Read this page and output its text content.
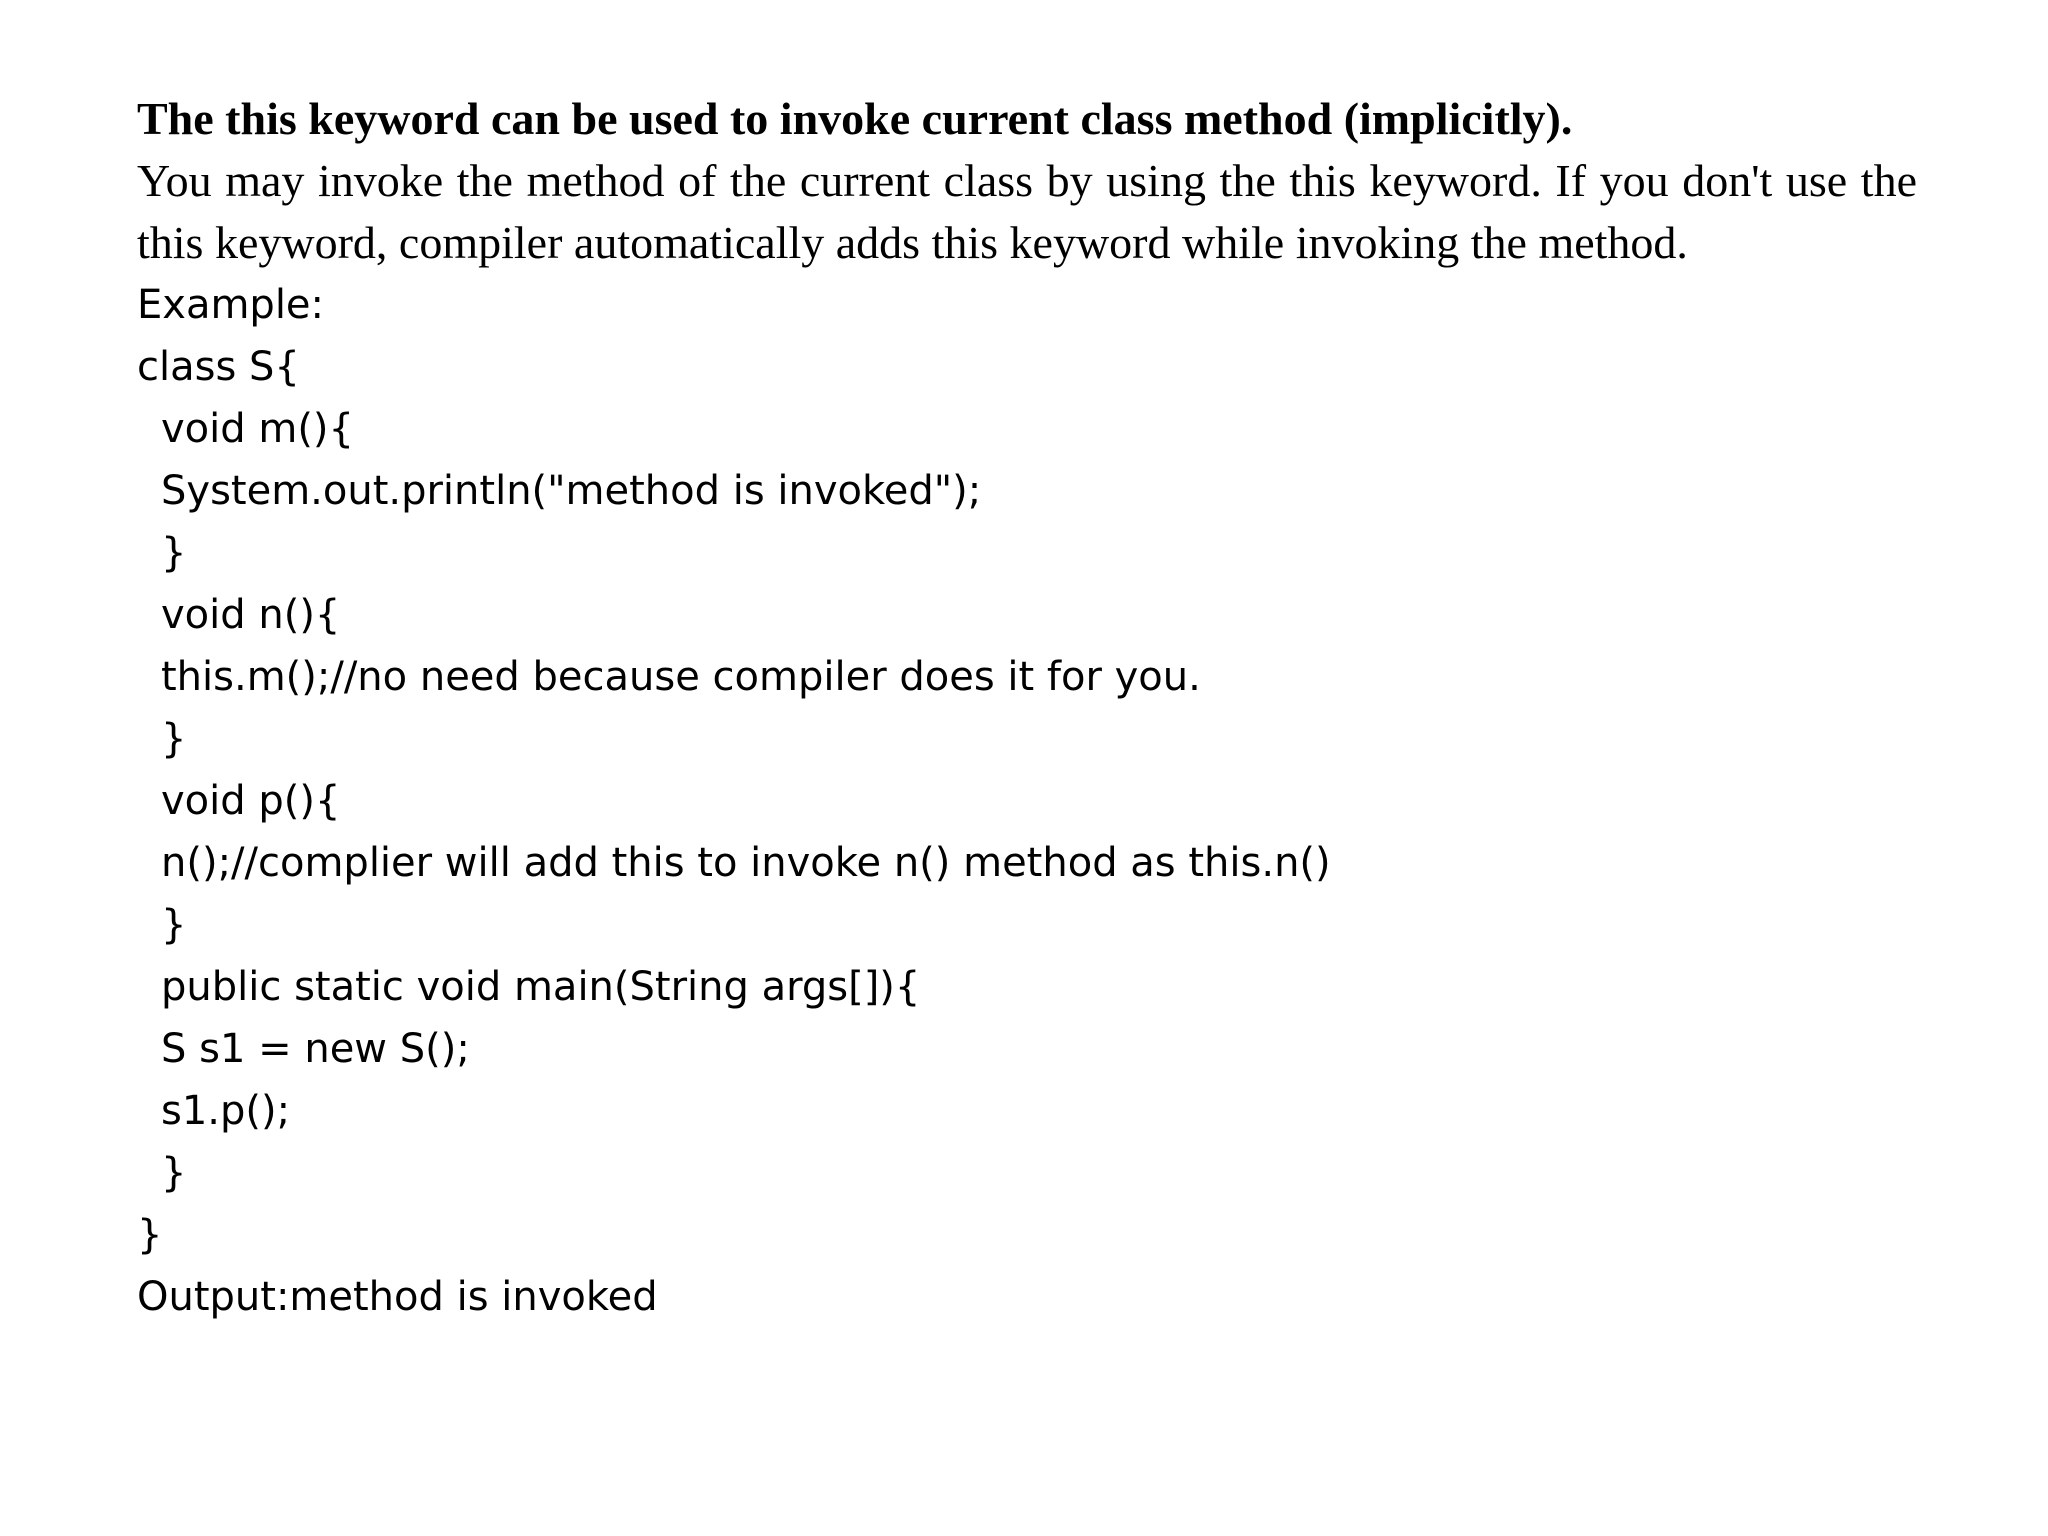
The this keyword can be used to invoke current class method (implicitly).

You may invoke the method of the current class by using the this keyword. If you don't use the this keyword, compiler automatically adds this keyword while invoking the method.

Example:

class S{
void m(){
System.out.println("method is invoked");
}
void n(){
this.m();//no need because compiler does it for you.
}
void p(){
n();//complier will add this to invoke n() method as this.n()
}
public static void main(String args[]){
S s1 = new S();
s1.p();
}
}

Output:method is invoked
